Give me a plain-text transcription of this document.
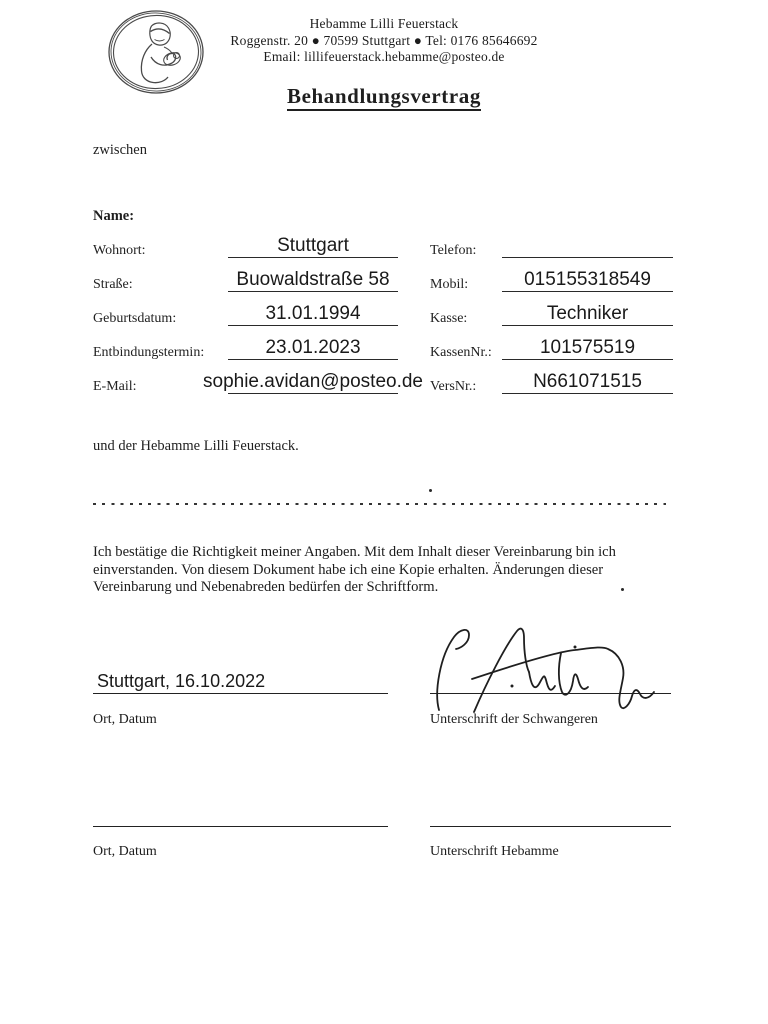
Hebamme Lilli Feuerstack
Roggenstr. 20 ● 70599 Stuttgart ● Tel: 0176 85646692
Email: lillifeuerstack.hebamme@posteo.de
Behandlungsvertrag
zwischen
Name:
Wohnort:	Stuttgart
Straße:	Buowaldstraße 58
Geburtsdatum:	31.01.1994
Entbindungstermin:	23.01.2023
E-Mail:	sophie.avidan@posteo.de
Telefon:
Mobil:	015155318549
Kasse:	Techniker
KassenNr.:	101575519
VersNr.:	N661071515
und der Hebamme Lilli Feuerstack.
Ich bestätige die Richtigkeit meiner Angaben. Mit dem Inhalt dieser Vereinbarung bin ich einverstanden. Von diesem Dokument habe ich eine Kopie erhalten. Änderungen dieser Vereinbarung und Nebenabreden bedürfen der Schriftform.
Stuttgart, 16.10.2022
Ort, Datum	Unterschrift der Schwangeren
Ort, Datum	Unterschrift Hebamme
